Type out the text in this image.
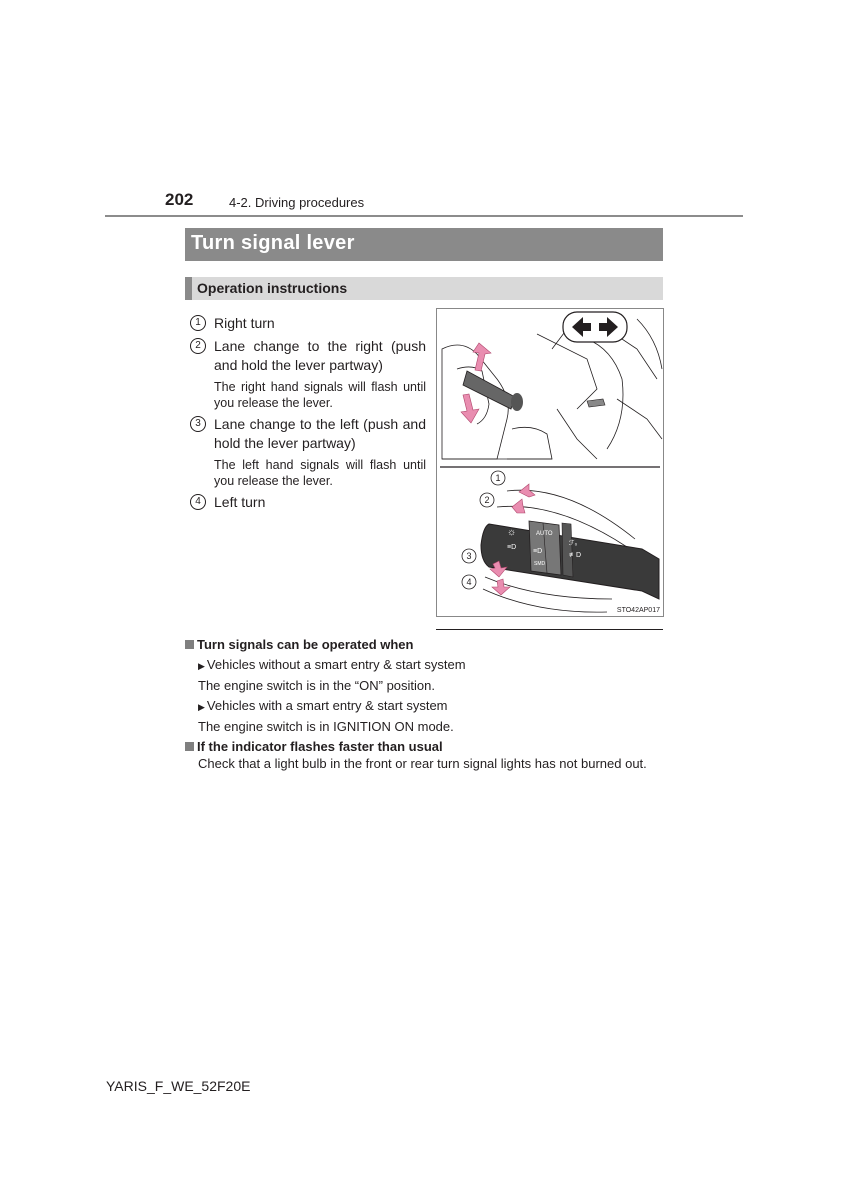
202	4-2. Driving procedures
Turn signal lever
Operation instructions
1 Right turn
2 Lane change to the right (push and hold the lever partway)
The right hand signals will flash until you release the lever.
3 Lane change to the left (push and hold the lever partway)
The left hand signals will flash until you release the lever.
4 Left turn
AUTO
≡D
SMD
☼
≡D
ℱ₀
≢D
1
2
3
4
STO42AP017
Turn signals can be operated when
▶ Vehicles without a smart entry & start system
The engine switch is in the “ON” position.
▶ Vehicles with a smart entry & start system
The engine switch is in IGNITION ON mode.
If the indicator flashes faster than usual
Check that a light bulb in the front or rear turn signal lights has not burned out.
YARIS_F_WE_52F20E
